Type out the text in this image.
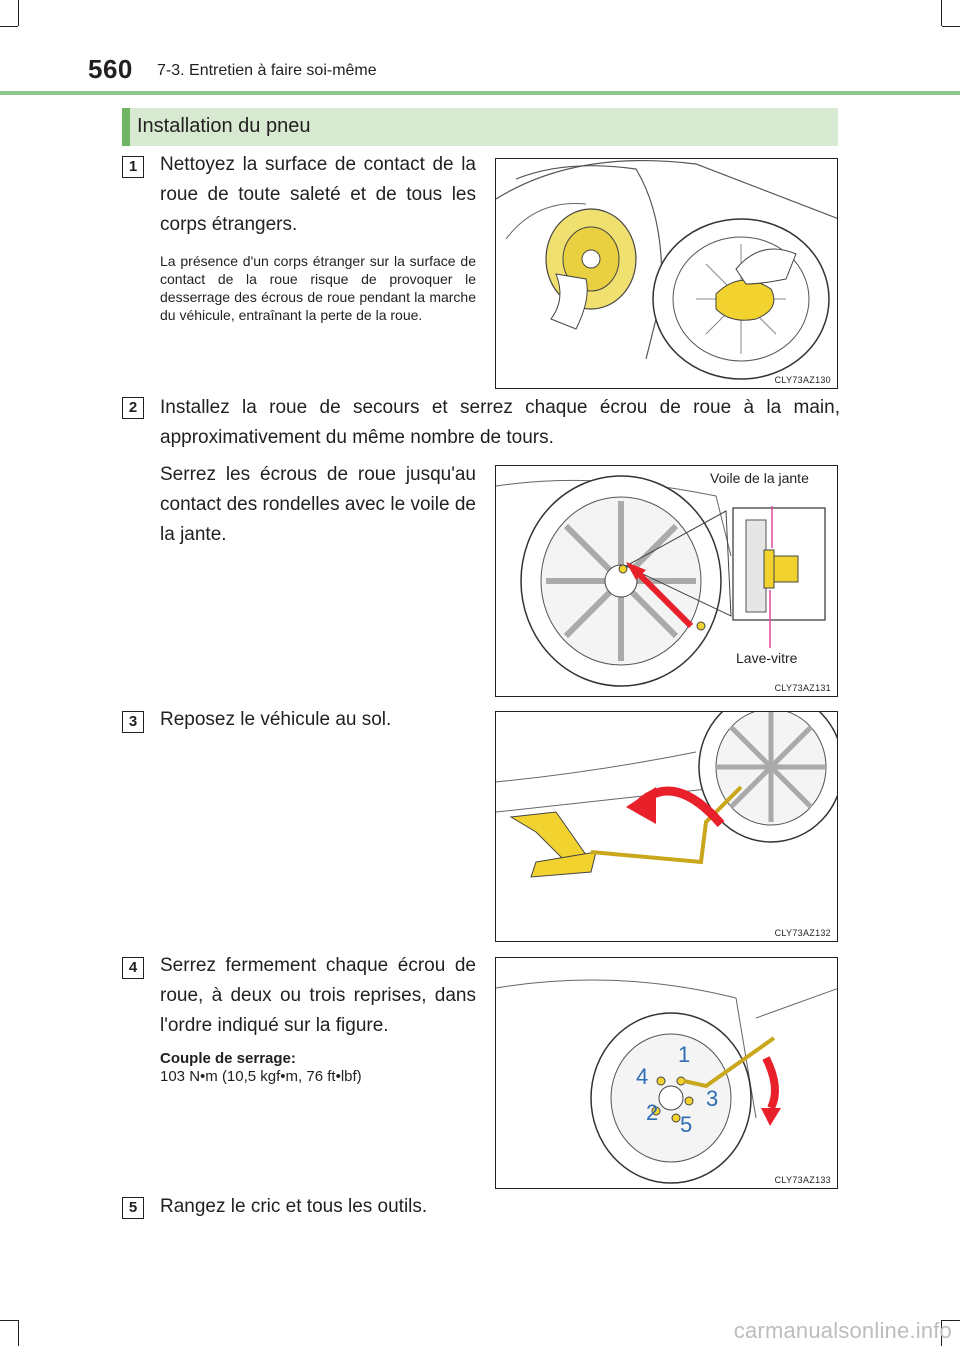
560 7-3. Entretien à faire soi-même
Installation du pneu
1	Nettoyez la surface de contact de la roue de toute saleté et de tous les corps étrangers.
La présence d'un corps étranger sur la surface de contact de la roue risque de provoquer le desserrage des écrous de roue pendant la marche du véhicule, entraînant la perte de la roue.
CLY73AZ130
2	Installez la roue de secours et serrez chaque écrou de roue à la main, approximativement du même nombre de tours.
Serrez les écrous de roue jusqu'au contact des rondelles avec le voile de la jante.
Voile de la jante
Lave-vitre
CLY73AZ131
3	Reposez le véhicule au sol.
CLY73AZ132
4	Serrez fermement chaque écrou de roue, à deux ou trois reprises, dans l'ordre indiqué sur la figure.
Couple de serrage:
103 N•m (10,5 kgf•m, 76 ft•lbf)
1
2
3
4
5
CLY73AZ133
5	Rangez le cric et tous les outils.
carmanualsonline.info
